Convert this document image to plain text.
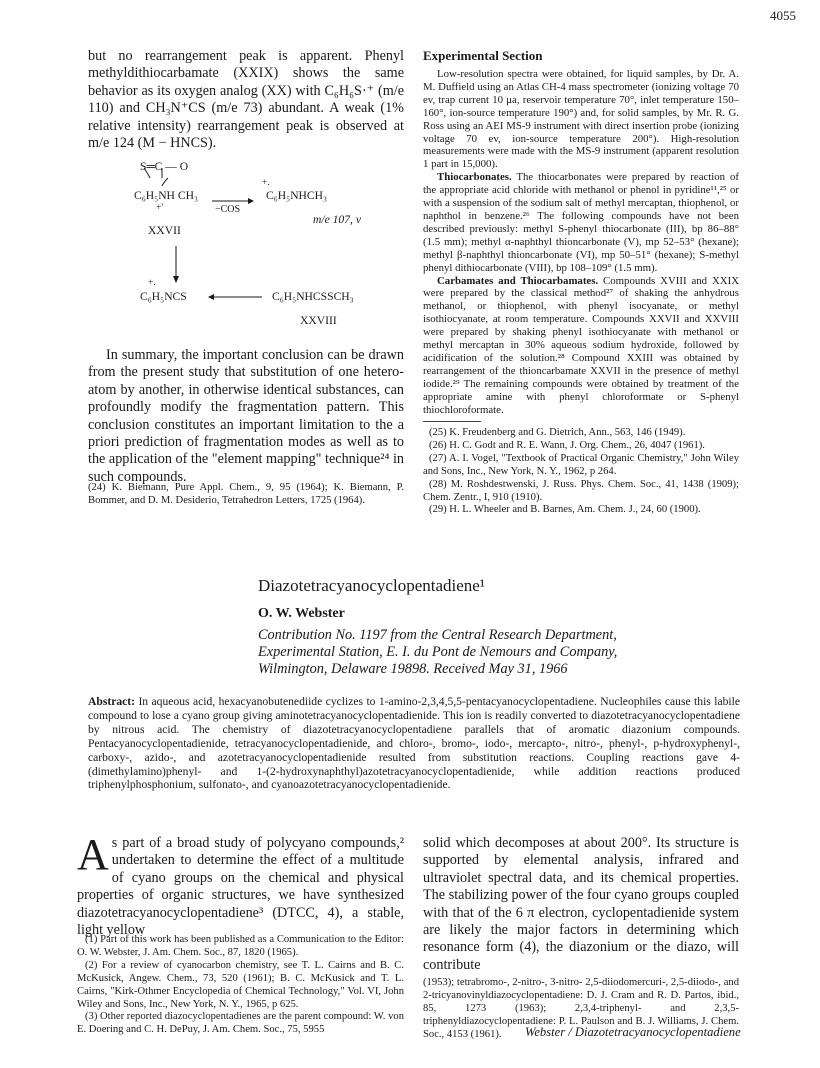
4055

but no rearrangement peak is apparent. Phenyl methyldithiocarbamate (XXIX) shows the same behavior as its oxygen analog (XX) with C₆H₆S·⁺ (m/e 110) and CH₃N⁺CS (m/e 73) abundant. A weak (1% relative intensity) rearrangement peak is observed at m/e 124 (M − HNCS).

S═C — O
+.
C₆H₅NH CH₃
+'	−COS
C₆H₅NHCH₃
m/e 107, v
XXVII
+.
C₆H₅NCS	C₆H₅NHCSSCH₃
XXVIII

In summary, the important conclusion can be drawn from the present study that substitution of one hetero-atom by another, in otherwise identical substances, can profoundly modify the fragmentation pattern. This conclusion constitutes an important limitation to the a priori prediction of fragmentation modes as well as to the application of the "element mapping" technique²⁴ in such compounds.

(24) K. Biemann, Pure Appl. Chem., 9, 95 (1964); K. Biemann, P. Bommer, and D. M. Desiderio, Tetrahedron Letters, 1725 (1964).

Experimental Section

Low-resolution spectra were obtained, for liquid samples, by Dr. A. M. Duffield using an Atlas CH-4 mass spectrometer (ionizing voltage 70 ev, trap current 10 μa, reservoir temperature 70°, inlet temperature 150–160°, ion-source temperature 190°) and, for solid samples, by Mr. R. G. Ross using an AEI MS-9 instrument with direct insertion probe (ionizing voltage 70 ev, ion-source temperature 200°). High-resolution measurements were made with the MS-9 instrument (apparent resolution 1 part in 15,000).

Thiocarbonates. The thiocarbonates were prepared by reaction of the appropriate acid chloride with methanol or phenol in pyridine¹¹,²⁵ or with a suspension of the sodium salt of methyl mercaptan, thiophenol, or naphthol in benzene.²⁶ The following compounds have not been described previously: methyl S-phenyl thiocarbonate (III), bp 86–88° (1.5 mm); methyl α-naphthyl thioncarbonate (V), mp 52–53° (hexane); methyl β-naphthyl thioncarbonate (VI), mp 50–51° (hexane); S-methyl phenyl dithiocarbonate (VIII), bp 108–109° (1.5 mm).

Carbamates and Thiocarbamates. Compounds XVIII and XXIX were prepared by the classical method²⁷ of shaking the anhydrous methanol, or thiophenol, with phenyl isocyanate, or methyl isothiocyanate, at room temperature. Compounds XXVII and XXVIII were prepared by shaking phenyl isothiocyanate with methanol or methyl mercaptan in 30% aqueous sodium hydroxide, followed by acidification of the solution.²⁸ Compound XXIII was obtained by rearrangement of the thioncarbamate XXVII in the presence of methyl iodide.²⁹ The remaining compounds were obtained by treatment of the appropriate amine with phenyl chloroformate or S-phenyl thiochloroformate.

(25) K. Freudenberg and G. Dietrich, Ann., 563, 146 (1949).

(26) H. C. Godt and R. E. Wann, J. Org. Chem., 26, 4047 (1961).

(27) A. I. Vogel, "Textbook of Practical Organic Chemistry," John Wiley and Sons, Inc., New York, N. Y., 1962, p 264.

(28) M. Roshdestwenski, J. Russ. Phys. Chem. Soc., 41, 1438 (1909); Chem. Zentr., I, 910 (1910).

(29) H. L. Wheeler and B. Barnes, Am. Chem. J., 24, 60 (1900).

Diazotetracyanocyclopentadiene¹
O. W. Webster
Contribution No. 1197 from the Central Research Department,
Experimental Station, E. I. du Pont de Nemours and Company,
Wilmington, Delaware 19898. Received May 31, 1966
Abstract: In aqueous acid, hexacyanobutenediide cyclizes to 1-amino-2,3,4,5,5-pentacyanocyclopentadiene. Nucleophiles cause this labile compound to lose a cyano group giving aminotetracyanocyclopentadienide. This ion is readily converted to diazotetracyanocyclopentadiene by nitrous acid. The chemistry of diazotetracyanocyclopentadiene parallels that of aromatic diazonium compounds. Pentacyanocyclopentadienide, tetracyanocyclopentadienide, and chloro-, bromo-, iodo-, mercapto-, nitro-, phenyl-, p-hydroxyphenyl-, carboxy-, azido-, and azotetracyanocyclopentadienide resulted from substitution reactions. Coupling reactions gave 4-(dimethylamino)phenyl- and 1-(2-hydroxynaphthyl)azotetracyanocyclopentadienide, while addition reactions produced triphenylphosphonium, sulfonato-, and cyanoazotetracyanocyclopentadienide.

As part of a broad study of polycyano compounds,² undertaken to determine the effect of a multitude of cyano groups on the chemical and physical properties of organic structures, we have synthesized diazotetracyanocyclopentadiene³ (DTCC, 4), a stable, light yellow

(1) Part of this work has been published as a Communication to the Editor: O. W. Webster, J. Am. Chem. Soc., 87, 1820 (1965).

(2) For a review of cyanocarbon chemistry, see T. L. Cairns and B. C. McKusick, Angew. Chem., 73, 520 (1961); B. C. McKusick and T. L. Cairns, "Kirk-Othmer Encyclopedia of Chemical Technology," Vol. VI, John Wiley and Sons, Inc., New York, N. Y., 1965, p 625.

(3) Other reported diazocyclopentadienes are the parent compound: W. von E. Doering and C. H. DePuy, J. Am. Chem. Soc., 75, 5955

solid which decomposes at about 200°. Its structure is supported by elemental analysis, infrared and ultraviolet spectral data, and its chemical properties. The stabilizing power of the four cyano groups coupled with that of the 6 π electron, cyclopentadienide system are likely the major factors in determining which resonance form (4), the diazonium or the diazo, will contribute

(1953); tetrabromo-, 2-nitro-, 3-nitro- 2,5-diiodomercuri-, 2,5-diiodo-, and 2-tricyanovinyldiazocyclopentadiene: D. J. Cram and R. D. Partos, ibid., 85, 1273 (1963); 2,3,4-triphenyl- and 2,3,5-triphenyldiazocyclopentadiene: P. L. Paulson and B. J. Williams, J. Chem. Soc., 4153 (1961).	Webster / Diazotetracyanocyclopentadiene
